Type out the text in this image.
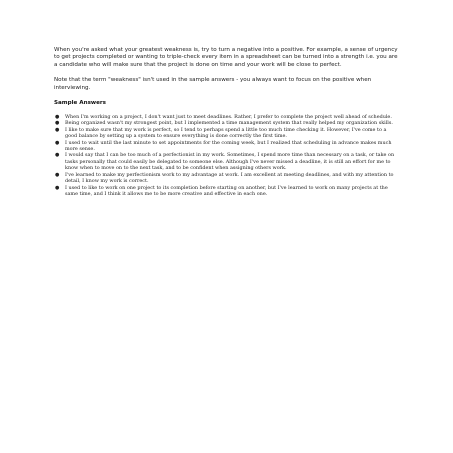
When you're asked what your greatest weakness is, try to turn a negative into a positive. For example, a sense of urgency to get projects completed or wanting to triple-check every item in a spreadsheet can be turned into a strength i.e. you are a candidate who will make sure that the project is done on time and your work will be close to perfect.

Note that the term "weakness" isn't used in the sample answers - you always want to focus on the positive when interviewing.

Sample Answers
● When I'm working on a project, I don't want just to meet deadlines. Rather, I prefer to complete the project well ahead of schedule.
● Being organized wasn't my strongest point, but I implemented a time management system that really helped my organization skills.
● I like to make sure that my work is perfect, so I tend to perhaps spend a little too much time checking it. However, I've come to a good balance by setting up a system to ensure everything is done correctly the first time.
● I used to wait until the last minute to set appointments for the coming week, but I realized that scheduling in advance makes much more sense.
● I would say that I can be too much of a perfectionist in my work. Sometimes, I spend more time than necessary on a task, or take on tasks personally that could easily be delegated to someone else. Although I've never missed a deadline, it is still an effort for me to know when to move on to the next task, and to be confident when assigning others work.
● I've learned to make my perfectionism work to my advantage at work. I am excellent at meeting deadlines, and with my attention to detail, I know my work is correct.
● I used to like to work on one project to its completion before starting on another, but I've learned to work on many projects at the same time, and I think it allows me to be more creative and effective in each one.
